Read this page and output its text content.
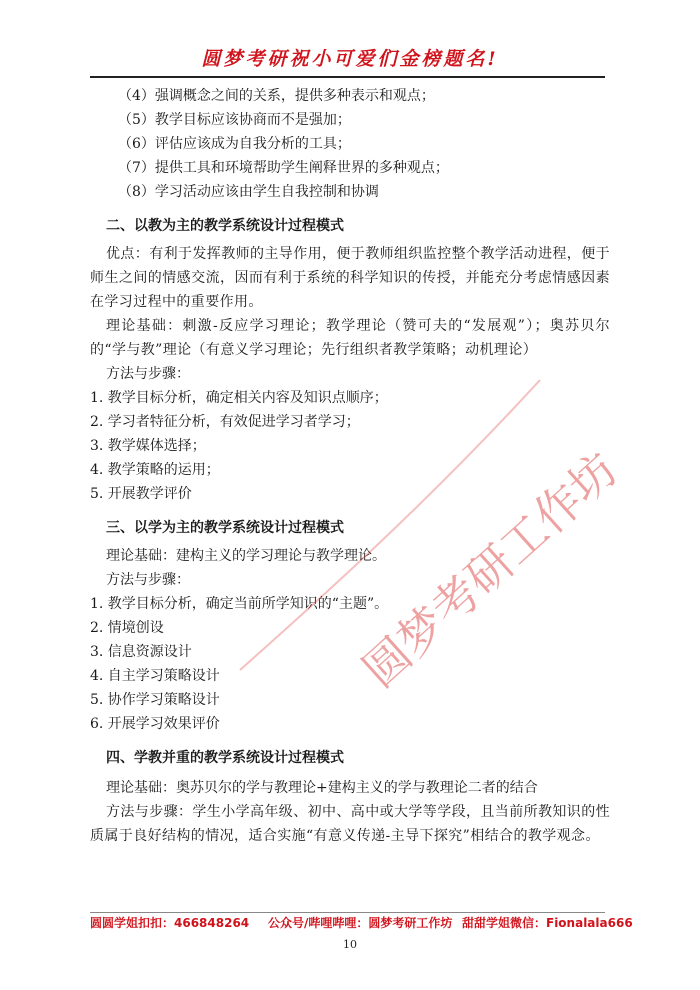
圆梦考研祝小可爱们金榜题名!
（4）强调概念之间的关系，提供多种表示和观点；
（5）教学目标应该协商而不是强加；
（6）评估应该成为自我分析的工具；
（7）提供工具和环境帮助学生阐释世界的多种观点；
（8）学习活动应该由学生自我控制和协调
二、以教为主的教学系统设计过程模式
优点：有利于发挥教师的主导作用，便于教师组织监控整个教学活动进程，便于师生之间的情感交流，因而有利于系统的科学知识的传授，并能充分考虑情感因素在学习过程中的重要作用。
理论基础：刺激-反应学习理论；教学理论（赞可夫的“发展观”）；奥苏贝尔的“学与教”理论（有意义学习理论；先行组织者教学策略；动机理论）
方法与步骤：
1. 教学目标分析，确定相关内容及知识点顺序；
2. 学习者特征分析，有效促进学习者学习；
3. 教学媒体选择；
4. 教学策略的运用；
5. 开展教学评价
三、以学为主的教学系统设计过程模式
理论基础：建构主义的学习理论与教学理论。
方法与步骤：
1. 教学目标分析，确定当前所学知识的“主题”。
2. 情境创设
3. 信息资源设计
4. 自主学习策略设计
5. 协作学习策略设计
6. 开展学习效果评价
四、学教并重的教学系统设计过程模式
理论基础：奥苏贝尔的学与教理论+建构主义的学与教理论二者的结合
方法与步骤：学生小学高年级、初中、高中或大学等学段，且当前所教知识的性质属于良好结构的情况，适合实施“有意义传递-主导下探究”相结合的教学观念。
圆梦考研工作坊
圆圆学姐扣扣：466848264 公众号/哔哩哔哩：圆梦考研工作坊 甜甜学姐微信：Fionalala666
10
